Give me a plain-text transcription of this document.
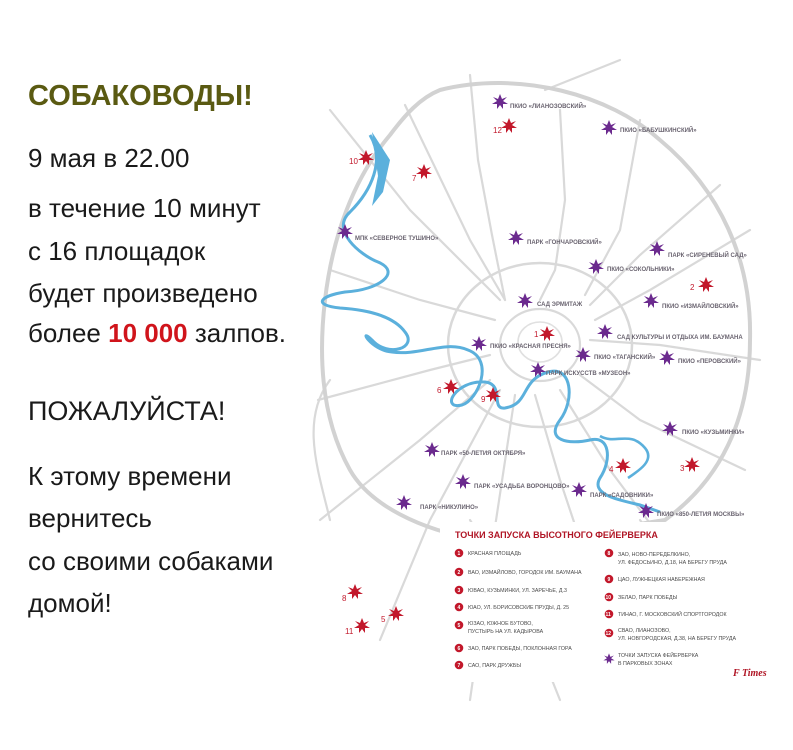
1
2
3
4
5
6
7
8
9
10
11
12
ПКИО «ЛИАНОЗОВСКИЙ»
ПКИО «БАБУШКИНСКИЙ»
МПК «СЕВЕРНОЕ ТУШИНО»
ПАРК «ГОНЧАРОВСКИЙ»
ПАРК «СИРЕНЕВЫЙ САД»
ПКИО «СОКОЛЬНИКИ»
ПКИО «ИЗМАЙЛОВСКИЙ»
САД ЭРМИТАЖ
САД КУЛЬТУРЫ И ОТДЫХА ИМ. БАУМАНА
ПКИО «КРАСНАЯ ПРЕСНЯ»
ПКИО «ТАГАНСКИЙ»
ПКИО «ПЕРОВСКИЙ»
ПАРК ИСКУССТВ «МУЗЕОН»
ПКИО «КУЗЬМИНКИ»
ПАРК «50-ЛЕТИЯ ОКТЯБРЯ»
ПАРК «УСАДЬБА ВОРОНЦОВО»
ПАРК «САДОВНИКИ»
ПАРК «НИКУЛИНО»
ПКИО «850-ЛЕТИЯ МОСКВЫ»
ТОЧКИ ЗАПУСКА ВЫСОТНОГО ФЕЙЕРВЕРКА
1 КРАСНАЯ ПЛОЩАДЬ
2 ВАО, ИЗМАЙЛОВО, ГОРОДОК ИМ. БАУМАНА
3 ЮВАО, КУЗЬМИНКИ, УЛ. ЗАРЕЧЬЕ, Д.3
4 ЮАО, УЛ. БОРИСОВСКИЕ ПРУДЫ, Д. 25
5 ЮЗАО, ЮЖНОЕ БУТОВО,
ПУСТЫРЬ НА УЛ. КАДЫРОВА
6 ЗАО, ПАРК ПОБЕДЫ, ПОКЛОННАЯ ГОРА
7 САО, ПАРК ДРУЖБЫ
8 ЗАО, НОВО-ПЕРЕДЕЛКИНО,
УЛ. ФЕДОСЬИНО, Д.18, НА БЕРЕГУ ПРУДА
9 ЦАО, ЛУЖНЕЦКАЯ НАБЕРЕЖНАЯ
10 ЗЕЛАО, ПАРК ПОБЕДЫ
11 ТИНАО, Г. МОСКОВСКИЙ СПОРТГОРОДОК
12 СВАО, ЛИАНОЗОВО,
УЛ. НОВГОРОДСКАЯ, Д.38, НА БЕРЕГУ ПРУДА
ТОЧКИ ЗАПУСКА ФЕЙЕРВЕРКА
В ПАРКОВЫХ ЗОНАХ
F Times
СОБАКОВОДЫ!

9 мая в 22.00

в течение 10 минут

с 16 площадок

будет произведено

более 10 000 залпов.

ПОЖАЛУЙСТА!

К этому времени

вернитесь

со своими собаками

домой!
